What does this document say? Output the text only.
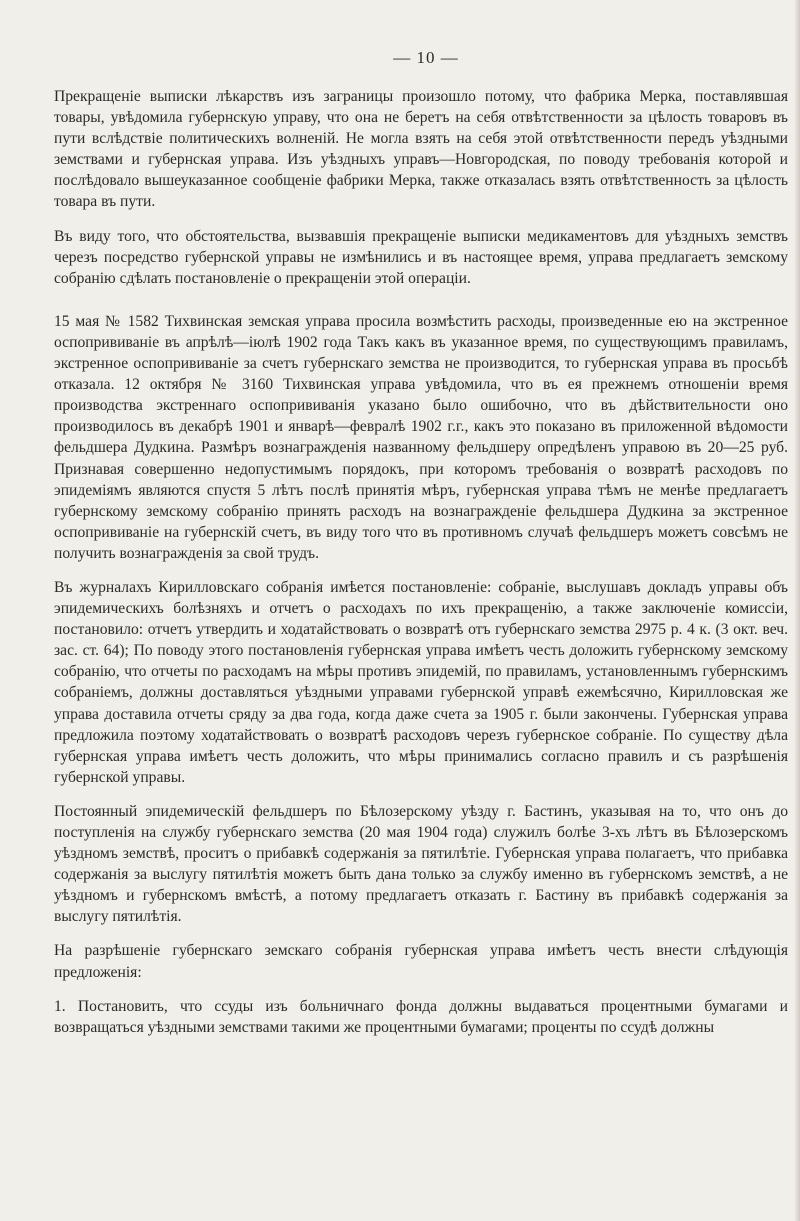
— 10 —

Прекращеніе выписки лѣкарствъ изъ заграницы произошло потому, что фабрика Мерка, поставлявшая товары, увѣдомила губернскую управу, что она не беретъ на себя отвѣтственности за цѣлость товаровъ въ пути вслѣдствіе политическихъ волненій. Не могла взять на себя этой отвѣтственности передъ уѣздными земствами и губернская управа. Изъ уѣздныхъ управъ—Новгородская, по поводу требованія которой и послѣдовало вышеуказанное сообщеніе фабрики Мерка, также отказалась взять отвѣтственность за цѣлость товара въ пути.

Въ виду того, что обстоятельства, вызвавшія прекращеніе выписки медикаментовъ для уѣздныхъ земствъ черезъ посредство губернской управы не измѣнились и въ настоящее время, управа предлагаетъ земскому собранію сдѣлать постановленіе о прекращеніи этой операціи.

15 мая № 1582 Тихвинская земская управа просила возмѣстить расходы, произведенные ею на экстренное оспопрививаніе въ апрѣлѣ—іюлѣ 1902 года Такъ какъ въ указанное время, по существующимъ правиламъ, экстренное оспопрививаніе за счетъ губернскаго земства не производится, то губернская управа въ просьбѣ отказала. 12 октября № 3160 Тихвинская управа увѣдомила, что въ ея прежнемъ отношеніи время производства экстреннаго оспопрививанія указано было ошибочно, что въ дѣйствительности оно производилось въ декабрѣ 1901 и январѣ—февралѣ 1902 г.г., какъ это показано въ приложенной вѣдомости фельдшера Дудкина. Размѣръ вознагражденія названному фельдшеру опредѣленъ управою въ 20—25 руб. Признавая совершенно недопустимымъ порядокъ, при которомъ требованія о возвратѣ расходовъ по эпидеміямъ являются спустя 5 лѣтъ послѣ принятія мѣръ, губернская управа тѣмъ не менѣе предлагаетъ губернскому земскому собранію принять расходъ на вознагражденіе фельдшера Дудкина за экстренное оспопрививаніе на губернскій счетъ, въ виду того что въ противномъ случаѣ фельдшеръ можетъ совсѣмъ не получить вознагражденія за свой трудъ.

Въ журналахъ Кирилловскаго собранія имѣется постановленіе: собраніе, выслушавъ докладъ управы объ эпидемическихъ болѣзняхъ и отчетъ о расходахъ по ихъ прекращенію, а также заключеніе комиссіи, постановило: отчетъ утвердить и ходатайствовать о возвратѣ отъ губернскаго земства 2975 р. 4 к. (3 окт. веч. зас. ст. 64); По поводу этого постановленія губернская управа имѣетъ честь доложить губернскому земскому собранію, что отчеты по расходамъ на мѣры противъ эпидемій, по правиламъ, установленнымъ губернскимъ собраніемъ, должны доставляться уѣздными управами губернской управѣ ежемѣсячно, Кирилловская же управа доставила отчеты сряду за два года, когда даже счета за 1905 г. были закончены. Губернская управа предложила поэтому ходатайствовать о возвратѣ расходовъ черезъ губернское собраніе. По существу дѣла губернская управа имѣетъ честь доложить, что мѣры принимались согласно правилъ и съ разрѣшенія губернской управы.

Постоянный эпидемическій фельдшеръ по Бѣлозерскому уѣзду г. Бастинъ, указывая на то, что онъ до поступленія на службу губернскаго земства (20 мая 1904 года) служилъ болѣе 3-хъ лѣтъ въ Бѣлозерскомъ уѣздномъ земствѣ, проситъ о прибавкѣ содержанія за пятилѣтіе. Губернская управа полагаетъ, что прибавка содержанія за выслугу пятилѣтія можетъ быть дана только за службу именно въ губернскомъ земствѣ, а не уѣздномъ и губернскомъ вмѣстѣ, а потому предлагаетъ отказать г. Бастину въ прибавкѣ содержанія за выслугу пятилѣтія.

На разрѣшеніе губернскаго земскаго собранія губернская управа имѣетъ честь внести слѣдующія предложенія:

1. Постановить, что ссуды изъ больничнаго фонда должны выдаваться процентными бумагами и возвращаться уѣздными земствами такими же процентными бумагами; проценты по ссудѣ должны
